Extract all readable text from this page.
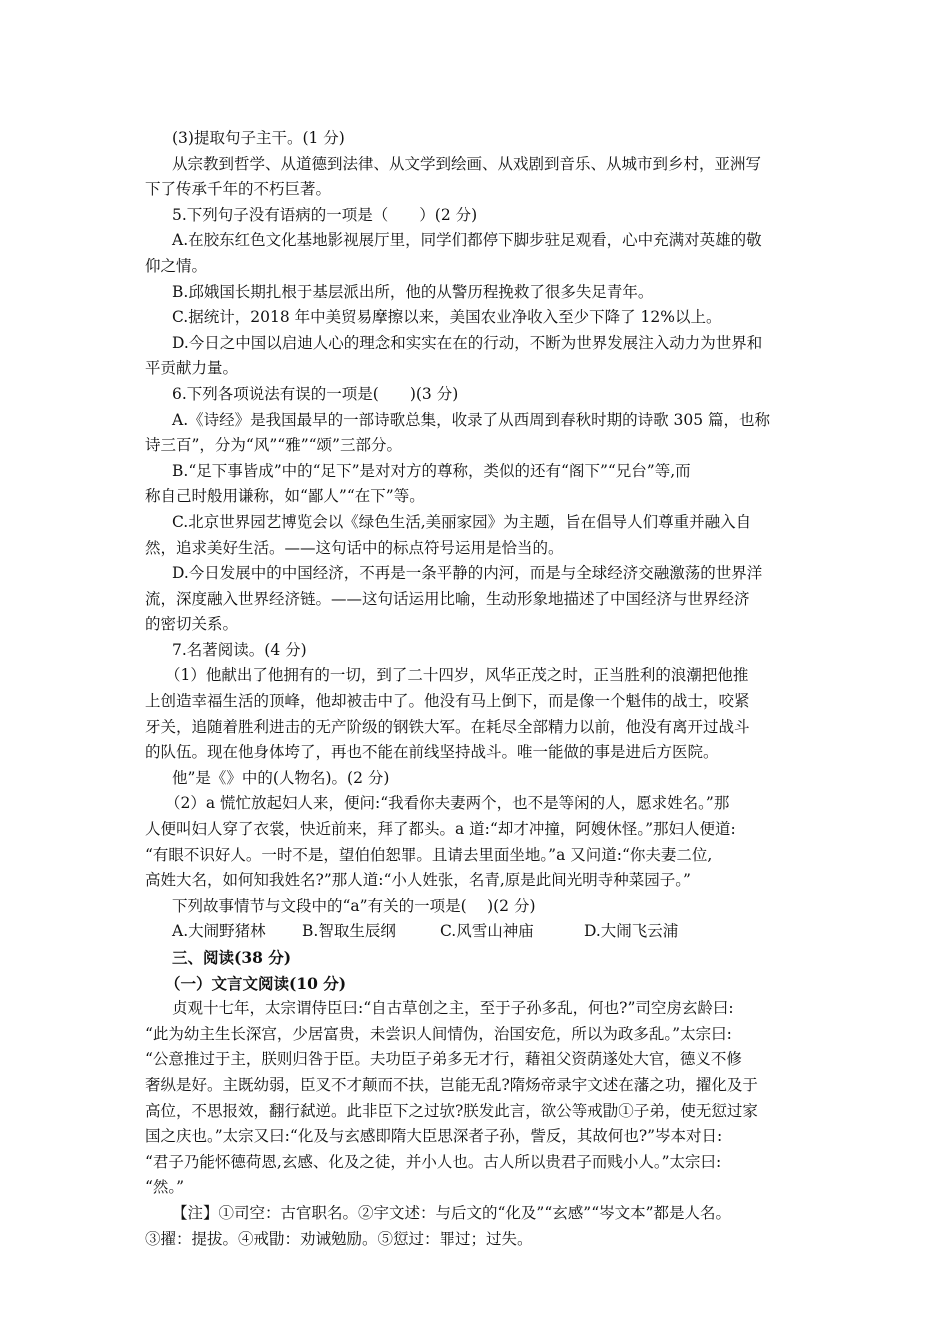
(3)提取句子主干。(1 分)
从宗教到哲学、从道德到法律、从文学到绘画、从戏剧到音乐、从城市到乡村，亚洲写
下了传承千年的不朽巨著。
5.下列句子没有语病的一项是（　　）(2 分)
A.在胶东红色文化基地影视展厅里，同学们都停下脚步驻足观看，心中充满对英雄的敬
仰之情。
B.邱娥国长期扎根于基层派出所，他的从警历程挽救了很多失足青年。
C.据统计，2018 年中美贸易摩擦以来，美国农业净收入至少下降了 12%以上。
D.今日之中国以启迪人心的理念和实实在在的行动，不断为世界发展注入动力为世界和
平贡献力量。
6.下列各项说法有误的一项是(　　)(3 分)
A.《诗经》是我国最早的一部诗歌总集，收录了从西周到春秋时期的诗歌 305 篇，也称
诗三百”，分为“风”“雅”“颂”三部分。
B.“足下事皆成”中的“足下”是对对方的尊称，类似的还有“阁下”“兄台”等,而
称自己时般用谦称，如“鄙人”“在下”等。
C.北京世界园艺博览会以《绿色生活,美丽家园》为主题，旨在倡导人们尊重并融入自
然，追求美好生活。——这句话中的标点符号运用是恰当的。
D.今日发展中的中国经济，不再是一条平静的内河，而是与全球经济交融激荡的世界洋
流，深度融入世界经济链。——这句话运用比喻，生动形象地描述了中国经济与世界经济
的密切关系。
7.名著阅读。(4 分)
（1）他献出了他拥有的一切，到了二十四岁，风华正茂之时，正当胜利的浪潮把他推
上创造幸福生活的顶峰，他却被击中了。他没有马上倒下，而是像一个魁伟的战士，咬紧
牙关，追随着胜利进击的无产阶级的钢铁大军。在耗尽全部精力以前，他没有离开过战斗
的队伍。现在他身体垮了，再也不能在前线坚持战斗。唯一能做的事是进后方医院。
他”是《》中的(人物名)。(2 分)
（2）a 慌忙放起妇人来，便问:“我看你夫妻两个，也不是等闲的人，愿求姓名。”那
人便叫妇人穿了衣裳，快近前来，拜了都头。a 道:“却才冲撞，阿嫂休怪。”那妇人便道:
“有眼不识好人。一时不是，望伯伯恕罪。且请去里面坐地。”a 又问道:“你夫妻二位,
高姓大名，如何知我姓名?”那人道:“小人姓张，名青,原是此间光明寺种菜园子。”
下列故事情节与文段中的“a”有关的一项是(　 )(2 分)
A.大闹野猪林 B.智取生辰纲	C.风雪山神庙	D.大闹飞云浦
三、阅读(38 分)
（一）文言文阅读(10 分)
贞观十七年，太宗谓侍臣曰:“自古草创之主，至于子孙多乱，何也?”司空房玄龄曰:
“此为幼主生长深宫，少居富贵，未尝识人间情伪，治国安危，所以为政多乱。”太宗曰:
“公意推过于主，朕则归咎于臣。夫功臣子弟多无才行，藉祖父资荫遂处大官，德义不修
奢纵是好。主既幼弱，臣叉不才颠而不扶，岂能无乱?隋炀帝录宇文述在藩之功，擢化及于
高位，不思报效，翻行弑逆。此非臣下之过欤?朕发此言，欲公等戒勖①子弟，使无愆过家
国之庆也。”太宗又曰:“化及与玄感即隋大臣思深者子孙，訾反，其故何也?”岑本对日:
“君子乃能怀德荷恩,玄感、化及之徒，并小人也。古人所以贵君子而贱小人。”太宗曰:
“然。”
【注】①司空：古官职名。②宇文述：与后文的“化及”“玄感”“岑文本”都是人名。
③擢：提拔。④戒勖：劝诫勉励。⑤愆过：罪过；过失。
